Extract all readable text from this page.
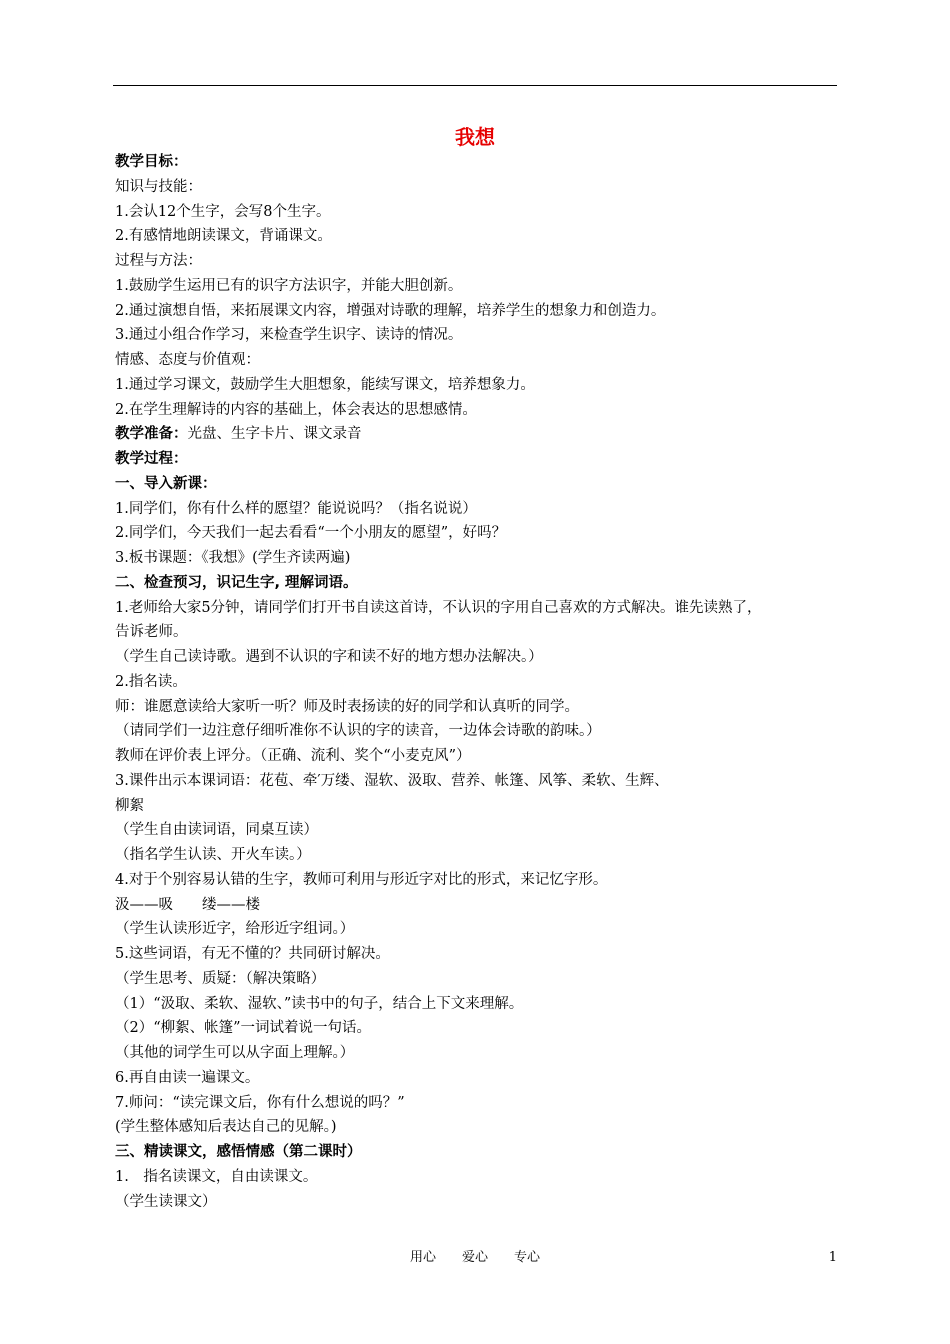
我想
教学目标：
知识与技能：
1.会认12个生字，会写8个生字。
2.有感情地朗读课文，背诵课文。
过程与方法：
1.鼓励学生运用已有的识字方法识字，并能大胆创新。
2.通过演想自悟，来拓展课文内容，增强对诗歌的理解，培养学生的想象力和创造力。
3.通过小组合作学习，来检查学生识字、读诗的情况。
情感、态度与价值观：
1.通过学习课文，鼓励学生大胆想象，能续写课文，培养想象力。
2.在学生理解诗的内容的基础上，体会表达的思想感情。
教学准备：光盘、生字卡片、课文录音
教学过程：
一、导入新课：
1.同学们，你有什么样的愿望？能说说吗？（指名说说）
2.同学们，今天我们一起去看看“一个小朋友的愿望”，好吗？
3.板书课题：《我想》(学生齐读两遍)
二、检查预习，识记生字, 理解词语。
1.老师给大家5分钟，请同学们打开书自读这首诗，不认识的字用自己喜欢的方式解决。谁先读熟了，
告诉老师。
（学生自己读诗歌。遇到不认识的字和读不好的地方想办法解决。）
2.指名读。
师：谁愿意读给大家听一听？师及时表扬读的好的同学和认真听的同学。
（请同学们一边注意仔细听准你不认识的字的读音，一边体会诗歌的韵味。）
教师在评价表上评分。（正确、流利、奖个“小麦克风”）
3.课件出示本课词语：花苞、牵′万缕、湿软、汲取、营养、帐篷、风筝、柔软、生辉、
柳絮
（学生自由读词语，同桌互读）
（指名学生认读、开火车读。）
4.对于个别容易认错的生字，教师可利用与形近字对比的形式，来记忆字形。
汲——吸　　缕——楼
（学生认读形近字，给形近字组词。）
5.这些词语，有无不懂的？共同研讨解决。
（学生思考、质疑：（解决策略）
（1）“汲取、柔软、湿软、”读书中的句子，结合上下文来理解。
（2）“柳絮、帐篷”一词试着说一句话。
（其他的词学生可以从字面上理解。）
6.再自由读一遍课文。
7.师问：“读完课文后，你有什么想说的吗？”
(学生整体感知后表达自己的见解。)
三、精读课文，感悟情感（第二课时）
1.　指名读课文，自由读课文。
（学生读课文）
用心　　爱心　　专心	1
